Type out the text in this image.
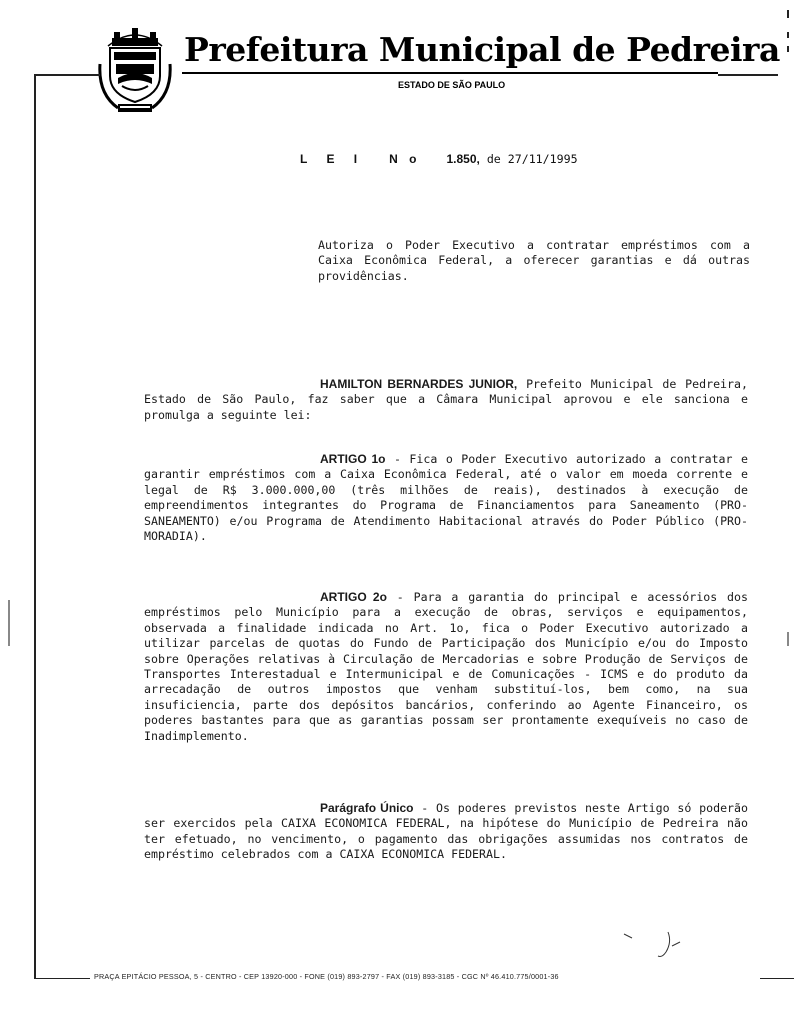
Prefeitura Municipal de Pedreira
ESTADO DE SÃO PAULO
L E I N o 1.850, de 27/11/1995
Autoriza o Poder Executivo a contratar empréstimos com a Caixa Econômica Federal, a oferecer garantias e dá outras providências.
HAMILTON BERNARDES JUNIOR, Prefeito Municipal de Pedreira, Estado de São Paulo, faz saber que a Câmara Municipal aprovou e ele sanciona e promulga a seguinte lei:
ARTIGO 1o - Fica o Poder Executivo autorizado a contratar e garantir empréstimos com a Caixa Econômica Federal, até o valor em moeda corrente e legal de R$ 3.000.000,00 (três milhões de reais), destinados à execução de empreendimentos integrantes do Programa de Financiamentos para Saneamento (PRO-SANEAMENTO) e/ou Programa de Atendimento Habitacional através do Poder Público (PRO-MORADIA).
ARTIGO 2o - Para a garantia do principal e acessórios dos empréstimos pelo Município para a execução de obras, serviços e equipamentos, observada a finalidade indicada no Art. 1o, fica o Poder Executivo autorizado a utilizar parcelas de quotas do Fundo de Participação dos Município e/ou do Imposto sobre Operações relativas à Circulação de Mercadorias e sobre Produção de Serviços de Transportes Interestadual e Intermunicipal e de Comunicações - ICMS e do produto da arrecadação de outros impostos que venham substituí-los, bem como, na sua insuficiencia, parte dos depósitos bancários, conferindo ao Agente Financeiro, os poderes bastantes para que as garantias possam ser prontamente exequíveis no caso de Inadimplemento.
Parágrafo Único - Os poderes previstos neste Artigo só poderão ser exercidos pela CAIXA ECONOMICA FEDERAL, na hipótese do Município de Pedreira não ter efetuado, no vencimento, o pagamento das obrigações assumidas nos contratos de empréstimo celebrados com a CAIXA ECONOMICA FEDERAL.
PRAÇA EPITÁCIO PESSOA, 5 - CENTRO - CEP 13920-000 - FONE (019) 893-2797 - FAX (019) 893-3185 - CGC Nº 46.410.775/0001-36
